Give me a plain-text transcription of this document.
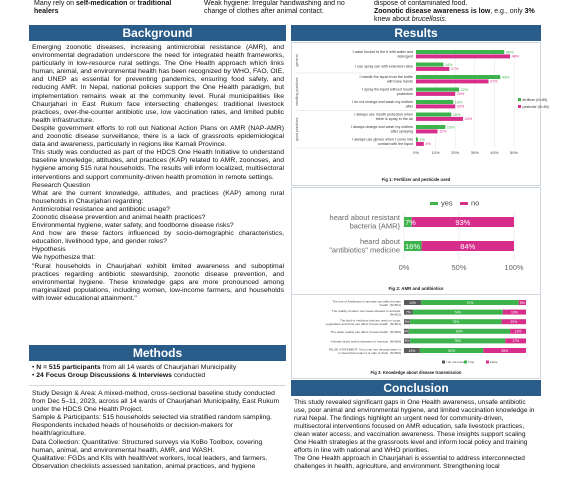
Many rely on self-medication or traditional
healers
Weak hygiene: Irregular handwashing and no
change of clothes after animal contact.
dispose of contaminated food.
Zoonotic disease awareness is low, e.g., only 3%
knew about brucellosis.
Background

Emerging zoonotic diseases, increasing antimicrobial resistance (AMR), and environmental degradation underscore the need for integrated health frameworks, particularly in low-resource rural settings. The One Health approach which links human, animal, and environmental health has been recognized by WHO, FAO, OIE, and UNEP as essential for preventing pandemics, ensuring food safety, and reducing AMR. In Nepal, national policies support the One Health paradigm, but implementation remains weak at the community level. Rural municipalities like Chaurjahari in East Rukum face intersecting challenges: traditional livestock practices, over-the-counter antibiotic use, low vaccination rates, and limited public health infrastructure.

Despite government efforts to roll out National Action Plans on AMR (NAP-AMR) and zoonotic disease surveillance, there is a lack of grassroots epidemiological data and awareness, particularly in regions like Karnali Province.

This study was conducted as part of the HDCS One Health Initiative to understand baseline knowledge, attitudes, and practices (KAP) related to AMR, zoonoses, and hygiene among 515 rural households. The results will inform localized, multisectoral interventions and support community-driven health promotion in remote settings.

Research Question

What are the current knowledge, attitudes, and practices (KAP) among rural households in Chaurjahari regarding:

Antimicrobial resistance and antibiotic usage?

Zoonotic disease prevention and animal health practices?

Environmental hygiene, water safety, and foodborne disease risks?

And how are these factors influenced by socio-demographic characteristics, education, livelihood type, and gender roles?

Hypothesis

We hypothesize that:

"Rural households in Chaurjahari exhibit limited awareness and suboptimal practices regarding antibiotic stewardship, zoonotic disease prevention, and environmental hygiene. These knowledge gaps are more pronounced among marginalized populations, including women, low-income farmers, and households with lower educational attainment."

Methods

• N = 515 participants from all 14 wards of Chaurjahari Municipality

• 24 Focus Group Discussions & Interviews conducted

Study Design & Area: A mixed-method, cross-sectional baseline study conducted from Dec 5–11, 2023, across all 14 wards of Chaurjahari Municipality, East Rukum under the HDCS One Health Project.

Sample & Participants: 515 households selected via stratified random sampling. Respondents included heads of households or decision-makers for health/agriculture.

Data Collection: Quantitative: Structured surveys via KoBo Toolbox, covering human, animal, and environmental health, AMR, and WASH.

Qualitative: FGDs and KIIs with health/vet workers, local leaders, and farmers. Observation checklists assessed sanitation, animal practices, and hygiene

Results
0%	10%	20%	30%	40%	50%
general
handling practices
good practices
I wash bucket to the it with water and
detergent
45%
48%
I use spray can with extension stick	14%
17%
I handle the liquid from the bottle
with bare hands
43%
37%
I spray the liquid without mouth
protection
22%
20%
I do not change and wash my clothes
after
19%
20%
I always use mouth protection when
there is spray in the air
18%
24%
I always change and wash my clothes
after spraying
15%
11%
I always use gloves when I come into
contact with the liquid
1%
4%
fertilizer (N=89)
pesticide (N=89)
Fig 1: Fertilizer and pesticide used
yes no
0%	50%	100%
heard about resistant
bacteria (AMR) 7%	93%
heard about
"antibiotics" medicine 16%	84%
Fig 2: AMR and antibiotics
The use of Antibiotics in animals can affect human
health. (N=501) 14%	72%	8%
The quality of water can cause disease in animals.
(N=501) 7%	74%	19%
The kind of medicine that are used on crops,
vegetables and fruits can affect human health. (N=501) 5%	75%	20%
The water quality can affect human health. (N=506) 4%	83%	13%
Animals (sick) and/or diseases to humans. (N=506) 5%	78%	17%
FALSE STATEMENT: If you can see through water, it
is clean that means it is safe to drink. (N=506) 13%	52%	35%
I do not know True	False
Fig 3: Knowledge about disease transmission
Conclusion

This study revealed significant gaps in One Health awareness, unsafe antibiotic use, poor animal and environmental hygiene, and limited vaccination knowledge in rural Nepal. The findings highlight an urgent need for community-driven, multisectoral interventions focused on AMR education, safe livestock practices, clean water access, and vaccination awareness. These insights support scaling One Health strategies at the grassroots level and inform local policy and training efforts in line with national and WHO priorities.

The One Health approach in Chaurjahari is essential to address interconnected challenges in health, agriculture, and environment. Strengthening local
